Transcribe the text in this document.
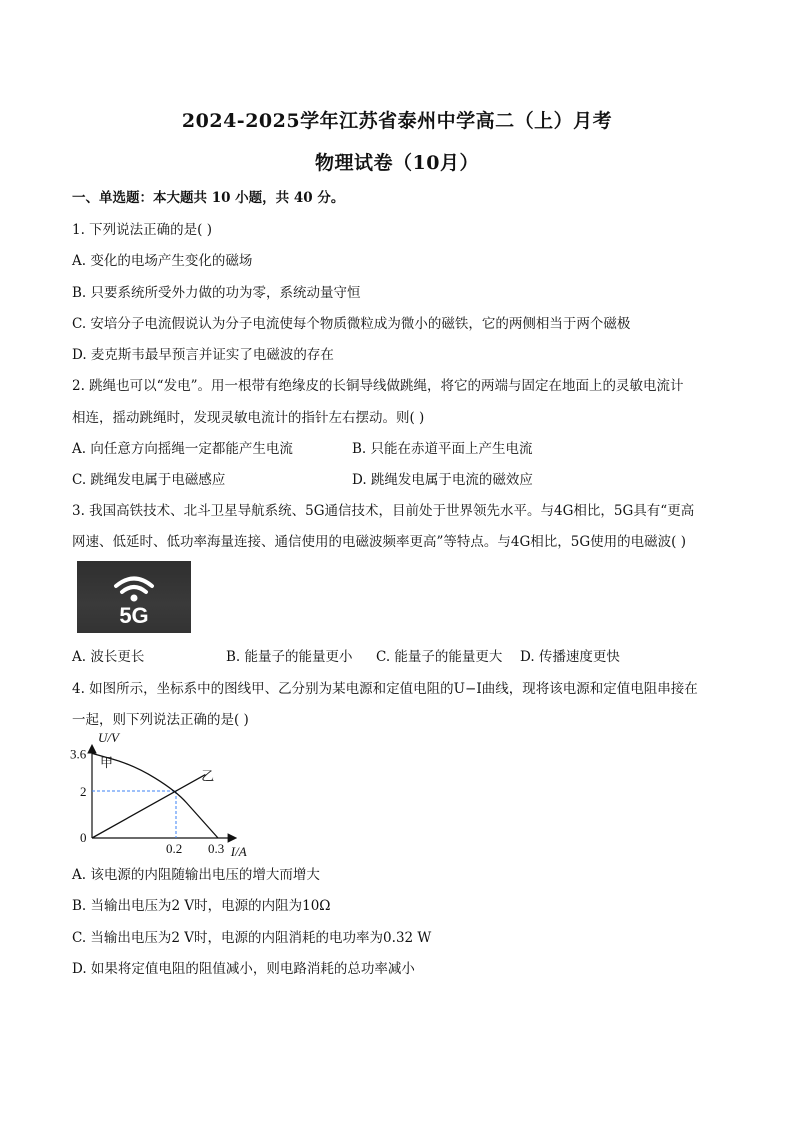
2024-2025学年江苏省泰州中学高二（上）月考
物理试卷（10月）
一、单选题：本大题共 10 小题，共 40 分。
1. 下列说法正确的是( )
A. 变化的电场产生变化的磁场
B. 只要系统所受外力做的功为零，系统动量守恒
C. 安培分子电流假说认为分子电流使每个物质微粒成为微小的磁铁，它的两侧相当于两个磁极
D. 麦克斯韦最早预言并证实了电磁波的存在
2. 跳绳也可以“发电”。用一根带有绝缘皮的长铜导线做跳绳，将它的两端与固定在地面上的灵敏电流计
相连，摇动跳绳时，发现灵敏电流计的指针左右摆动。则( )
A. 向任意方向摇绳一定都能产生电流	B. 只能在赤道平面上产生电流
C. 跳绳发电属于电磁感应	D. 跳绳发电属于电流的磁效应
3. 我国高铁技术、北斗卫星导航系统、5G通信技术，目前处于世界领先水平。与4G相比，5G具有“更高
网速、低延时、低功率海量连接、通信使用的电磁波频率更高”等特点。与4G相比，5G使用的电磁波( )
5G
A. 波长更长	B. 能量子的能量更小 C. 能量子的能量更大 D. 传播速度更快
4. 如图所示，坐标系中的图线甲、乙分别为某电源和定值电阻的U−I曲线，现将该电源和定值电阻串接在
一起，则下列说法正确的是( )
U/V
I/A
0
3.6
2
0.2 0.3
甲
乙
A. 该电源的内阻随输出电压的增大而增大
B. 当输出电压为2 V时，电源的内阻为10Ω
C. 当输出电压为2 V时，电源的内阻消耗的电功率为0.32 W
D. 如果将定值电阻的阻值减小，则电路消耗的总功率减小
